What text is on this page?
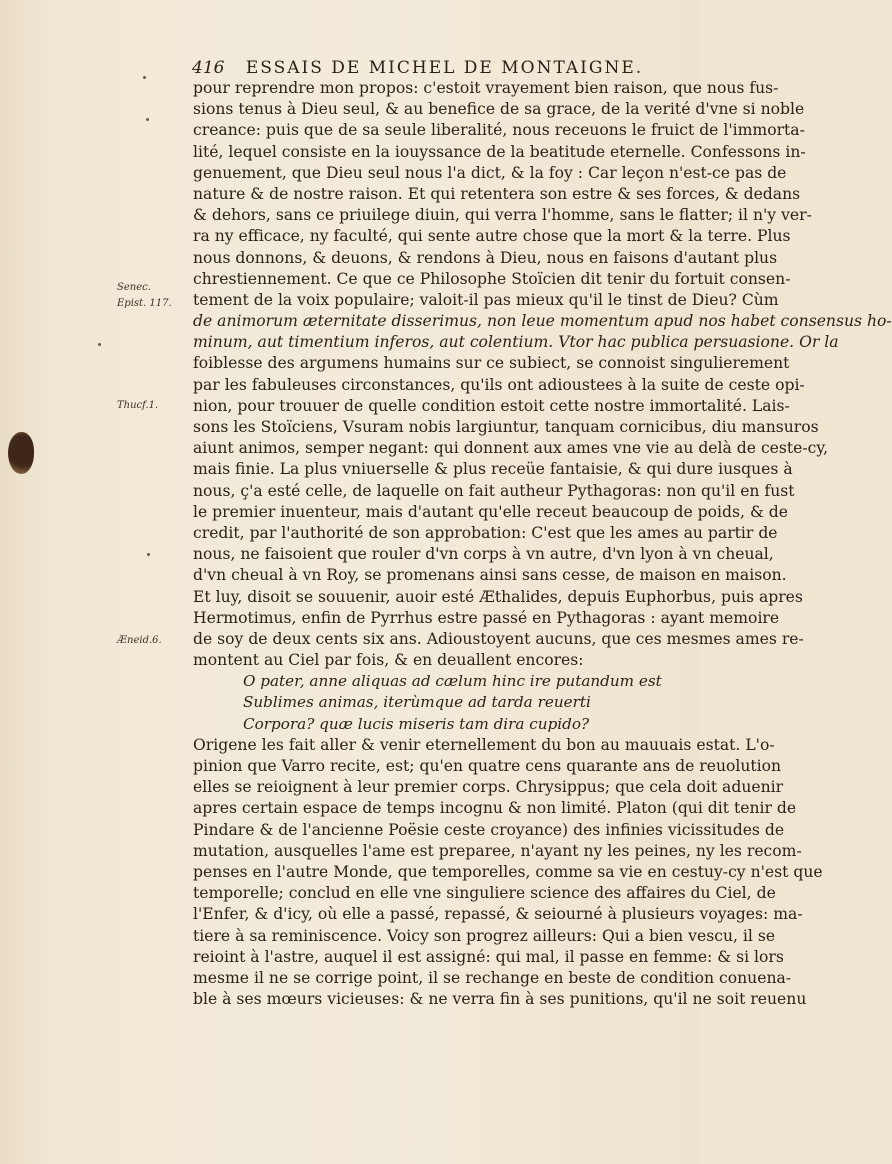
416 ESSAIS DE MICHEL DE MONTAIGNE.
Senec.
Epist. 117.
Thucf.1.
Æneid.6.
pour reprendre mon propos: c'estoit vrayement bien raison, que nous fus-
sions tenus à Dieu seul, & au benefice de sa grace, de la verité d'vne si noble
creance: puis que de sa seule liberalité, nous receuons le fruict de l'immorta-
lité, lequel consiste en la iouyssance de la beatitude eternelle. Confessons in-
genuement, que Dieu seul nous l'a dict, & la foy : Car leçon n'est-ce pas de
nature & de nostre raison. Et qui retentera son estre & ses forces, & dedans
& dehors, sans ce priuilege diuin, qui verra l'homme, sans le flatter; il n'y ver-
ra ny efficace, ny faculté, qui sente autre chose que la mort & la terre. Plus
nous donnons, & deuons, & rendons à Dieu, nous en faisons d'autant plus
chrestiennement. Ce que ce Philosophe Stoïcien dit tenir du fortuit consen-
tement de la voix populaire; valoit-il pas mieux qu'il le tinst de Dieu? Cùm
de animorum æternitate disserimus, non leue momentum apud nos habet consensus ho-
minum, aut timentium inferos, aut colentium. Vtor hac publica persuasione. Or la
foiblesse des argumens humains sur ce subiect, se connoist singulierement
par les fabuleuses circonstances, qu'ils ont adioustees à la suite de ceste opi-
nion, pour trouuer de quelle condition estoit cette nostre immortalité. Lais-
sons les Stoïciens, Vsuram nobis largiuntur, tanquam cornicibus, diu mansuros
aiunt animos, semper negant: qui donnent aux ames vne vie au delà de ceste-cy,
mais finie. La plus vniuerselle & plus receüe fantaisie, & qui dure iusques à
nous, ç'a esté celle, de laquelle on fait autheur Pythagoras: non qu'il en fust
le premier inuenteur, mais d'autant qu'elle receut beaucoup de poids, & de
credit, par l'authorité de son approbation: C'est que les ames au partir de
nous, ne faisoient que rouler d'vn corps à vn autre, d'vn lyon à vn cheual,
d'vn cheual à vn Roy, se promenans ainsi sans cesse, de maison en maison.
Et luy, disoit se souuenir, auoir esté Æthalides, depuis Euphorbus, puis apres
Hermotimus, enfin de Pyrrhus estre passé en Pythagoras : ayant memoire
de soy de deux cents six ans. Adioustoyent aucuns, que ces mesmes ames re-
montent au Ciel par fois, & en deuallent encores:
O pater, anne aliquas ad cælum hinc ire putandum est
Sublimes animas, iterùmque ad tarda reuerti
Corpora? quæ lucis miseris tam dira cupido?
Origene les fait aller & venir eternellement du bon au mauuais estat. L'o-
pinion que Varro recite, est; qu'en quatre cens quarante ans de reuolution
elles se reioignent à leur premier corps. Chrysippus; que cela doit aduenir
apres certain espace de temps incognu & non limité. Platon (qui dit tenir de
Pindare & de l'ancienne Poësie ceste croyance) des infinies vicissitudes de
mutation, ausquelles l'ame est preparee, n'ayant ny les peines, ny les recom-
penses en l'autre Monde, que temporelles, comme sa vie en cestuy-cy n'est que
temporelle; conclud en elle vne singuliere science des affaires du Ciel, de
l'Enfer, & d'icy, où elle a passé, repassé, & seiourné à plusieurs voyages: ma-
tiere à sa reminiscence. Voicy son progrez ailleurs: Qui a bien vescu, il se
reioint à l'astre, auquel il est assigné: qui mal, il passe en femme: & si lors
mesme il ne se corrige point, il se rechange en beste de condition conuena-
ble à ses mœurs vicieuses: & ne verra fin à ses punitions, qu'il ne soit reuenu
